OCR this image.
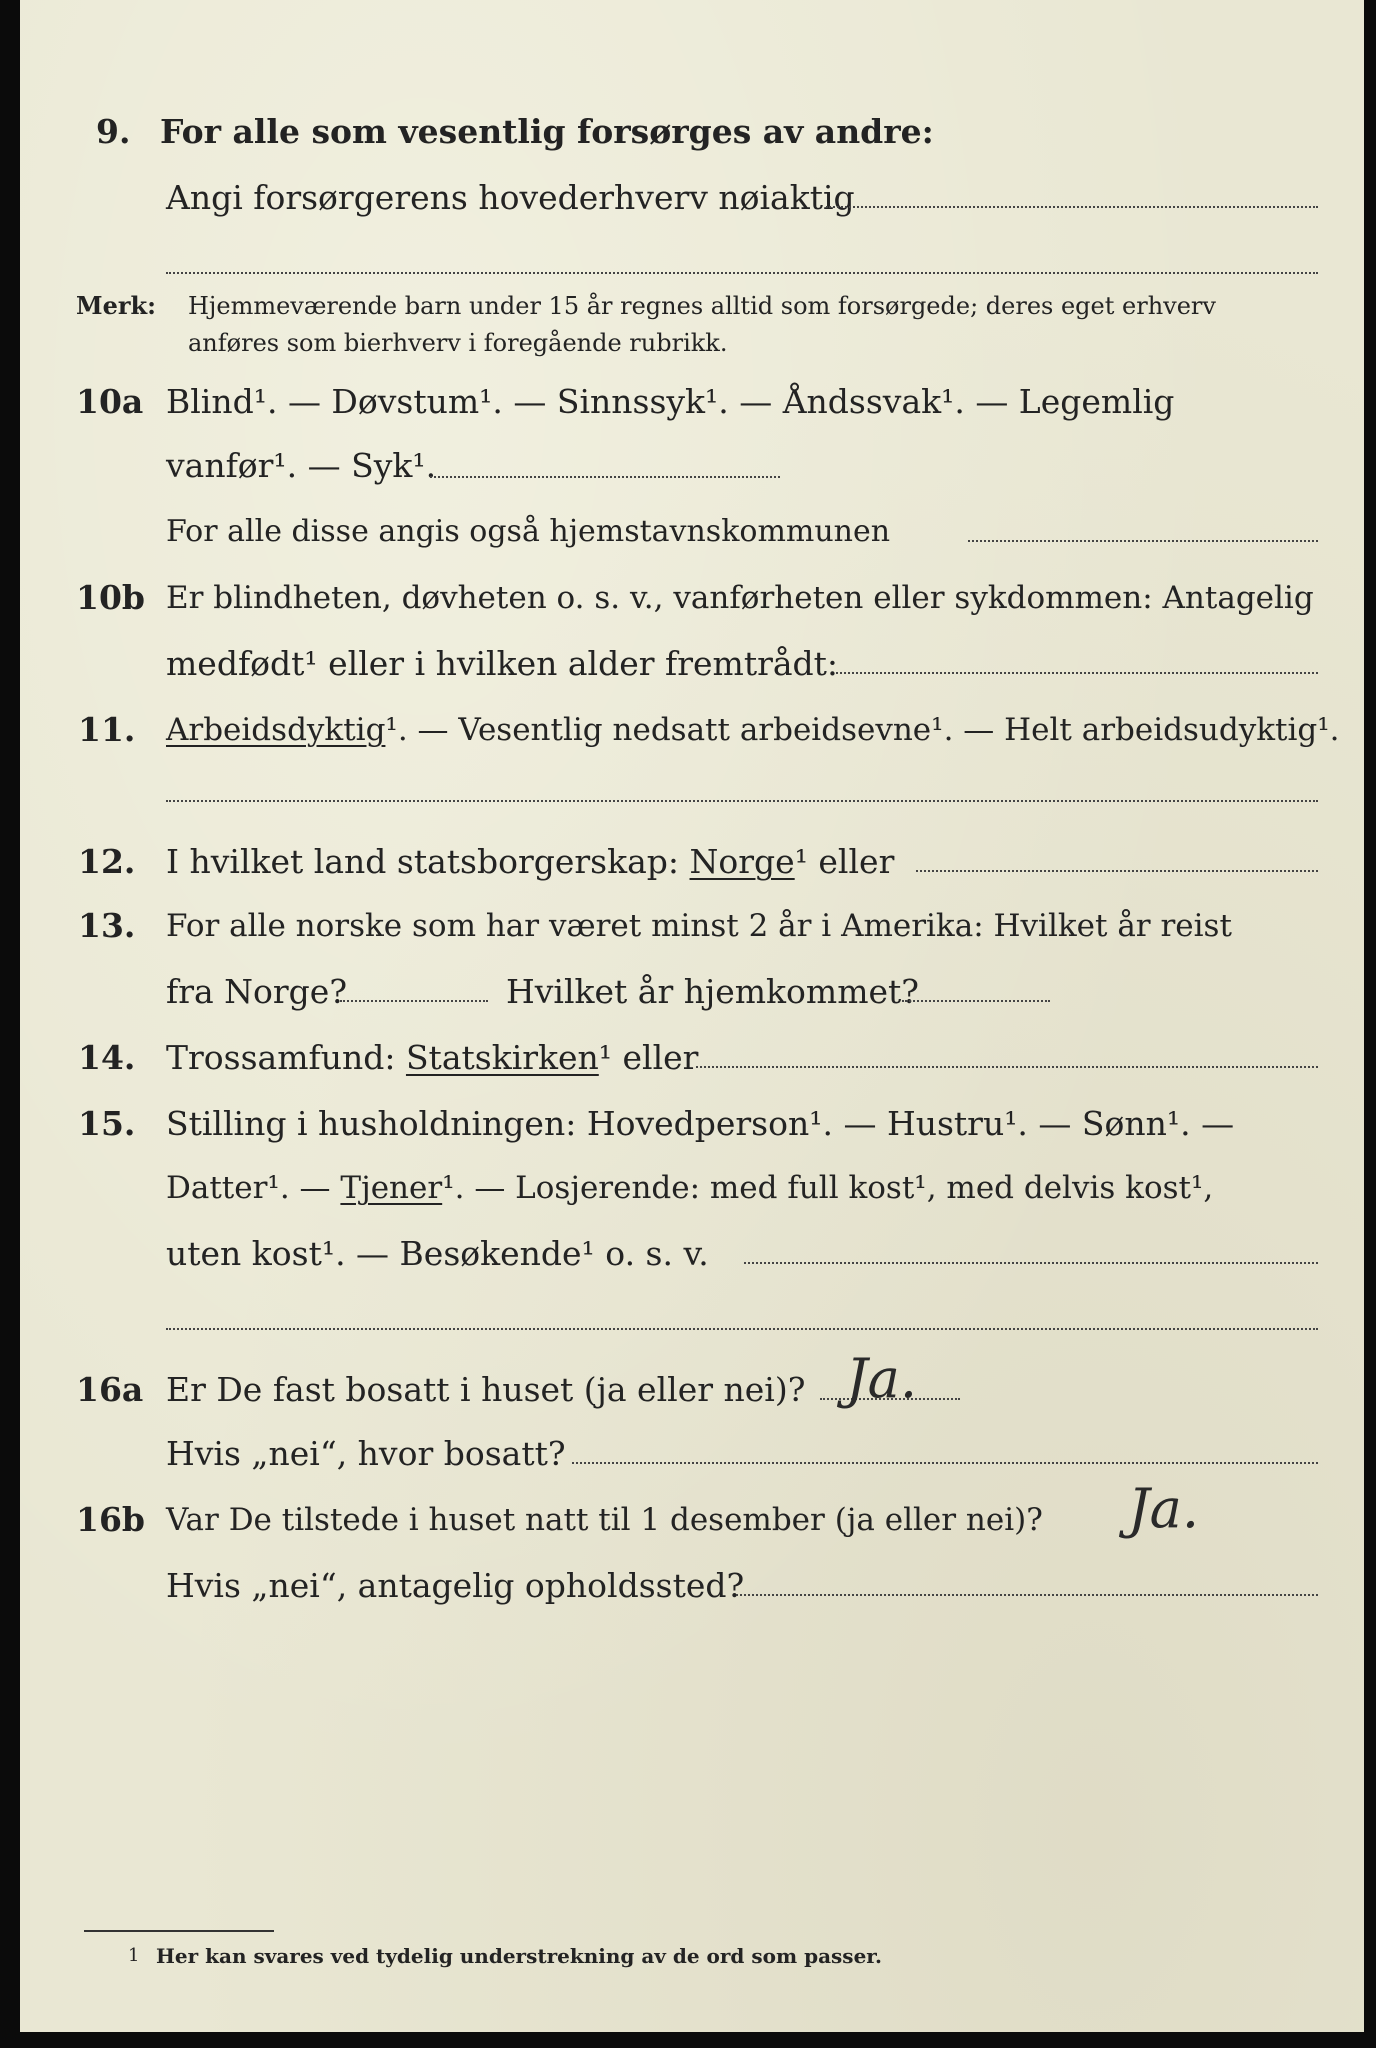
9. For alle som vesentlig forsørges av andre:
Angi forsørgerens hovederhverv nøiaktig
Merk: Hjemmeværende barn under 15 år regnes alltid som forsørgede; deres eget erhverv
anføres som bierhverv i foregående rubrikk.
10a Blind¹. — Døvstum¹. — Sinnssyk¹. — Åndssvak¹. — Legemlig
vanfør¹. — Syk¹.
For alle disse angis også hjemstavnskommunen
10b Er blindheten, døvheten o. s. v., vanførheten eller sykdommen: Antagelig
medfødt¹ eller i hvilken alder fremtrådt:
11. Arbeidsdyktig¹. — Vesentlig nedsatt arbeidsevne¹. — Helt arbeidsudyktig¹.
12. I hvilket land statsborgerskap: Norge¹ eller
13. For alle norske som har været minst 2 år i Amerika: Hvilket år reist
fra Norge?	Hvilket år hjemkommet?
14. Trossamfund: Statskirken¹ eller
15. Stilling i husholdningen: Hovedperson¹. — Hustru¹. — Sønn¹. —
Datter¹. — Tjener¹. — Losjerende: med full kost¹, med delvis kost¹,
uten kost¹. — Besøkende¹ o. s. v.
16a Er De fast bosatt i huset (ja eller nei)? Ja.
Hvis „nei“, hvor bosatt?
16b Var De tilstede i huset natt til 1 desember (ja eller nei)? Ja.
Hvis „nei“, antagelig opholdssted?
1 Her kan svares ved tydelig understrekning av de ord som passer.
